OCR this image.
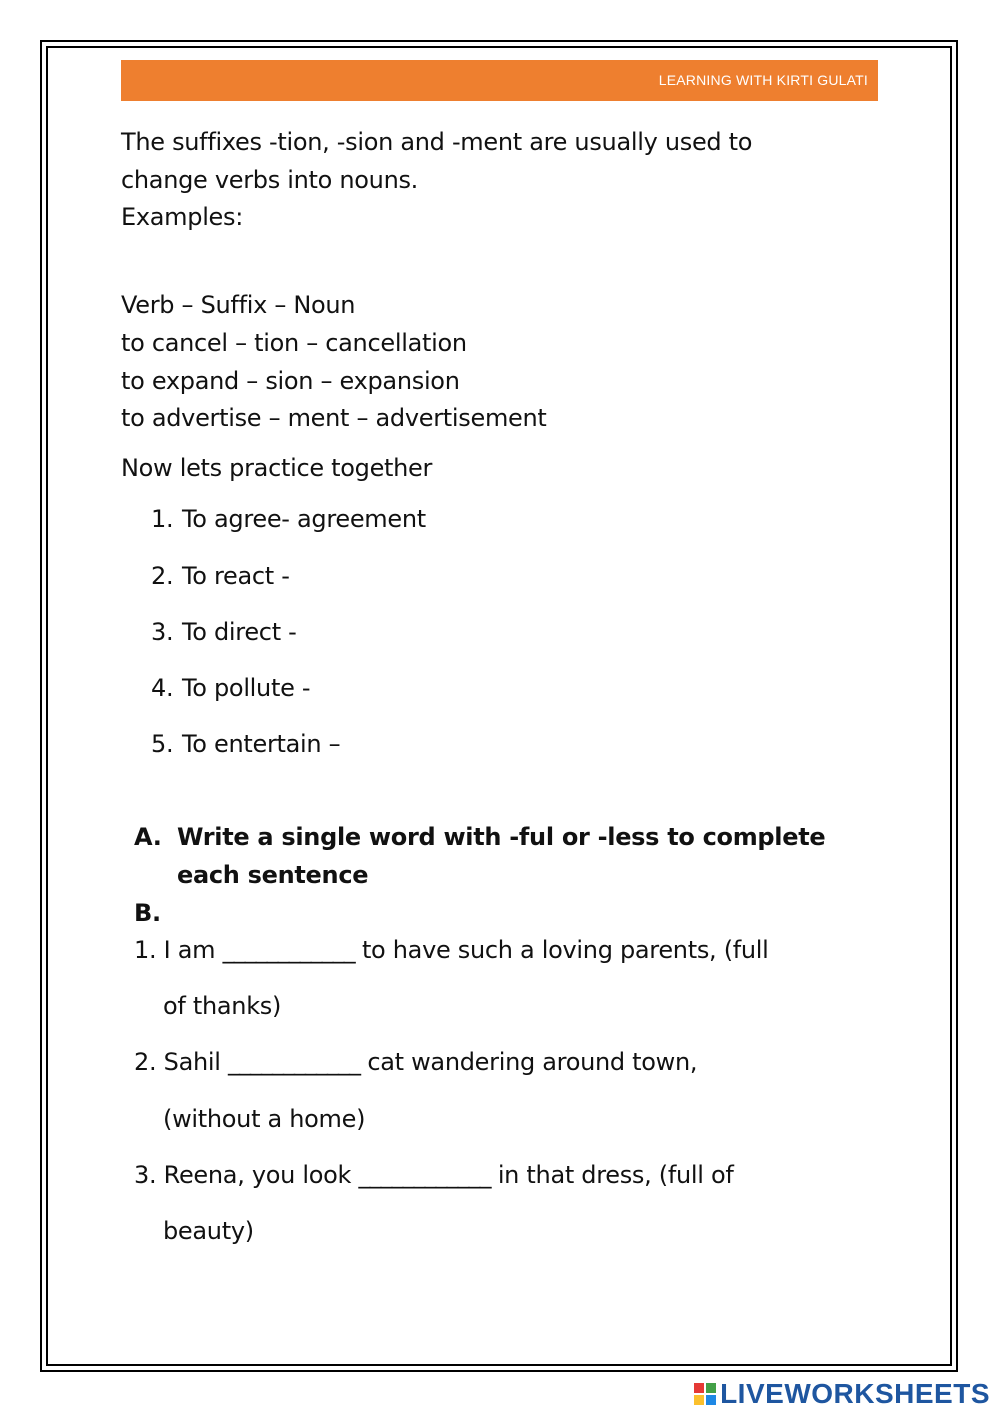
LEARNING WITH KIRTI GULATI
The suffixes -tion, -sion and -ment are usually used to
change verbs into nouns.
Examples:
Verb – Suffix – Noun
to cancel – tion – cancellation
to expand – sion – expansion
to advertise – ment – advertisement
Now lets practice together
1. To agree- agreement
2. To react -
3. To direct -
4. To pollute -
5. To entertain –
A. Write a single word with -ful or -less to complete
each sentence
B.
1. I am ____________ to have such a loving parents, (full
of thanks)
2. Sahil ____________ cat wandering around town,
(without a home)
3. Reena, you look ____________ in that dress, (full of
beauty)
LIVEWORKSHEETS
